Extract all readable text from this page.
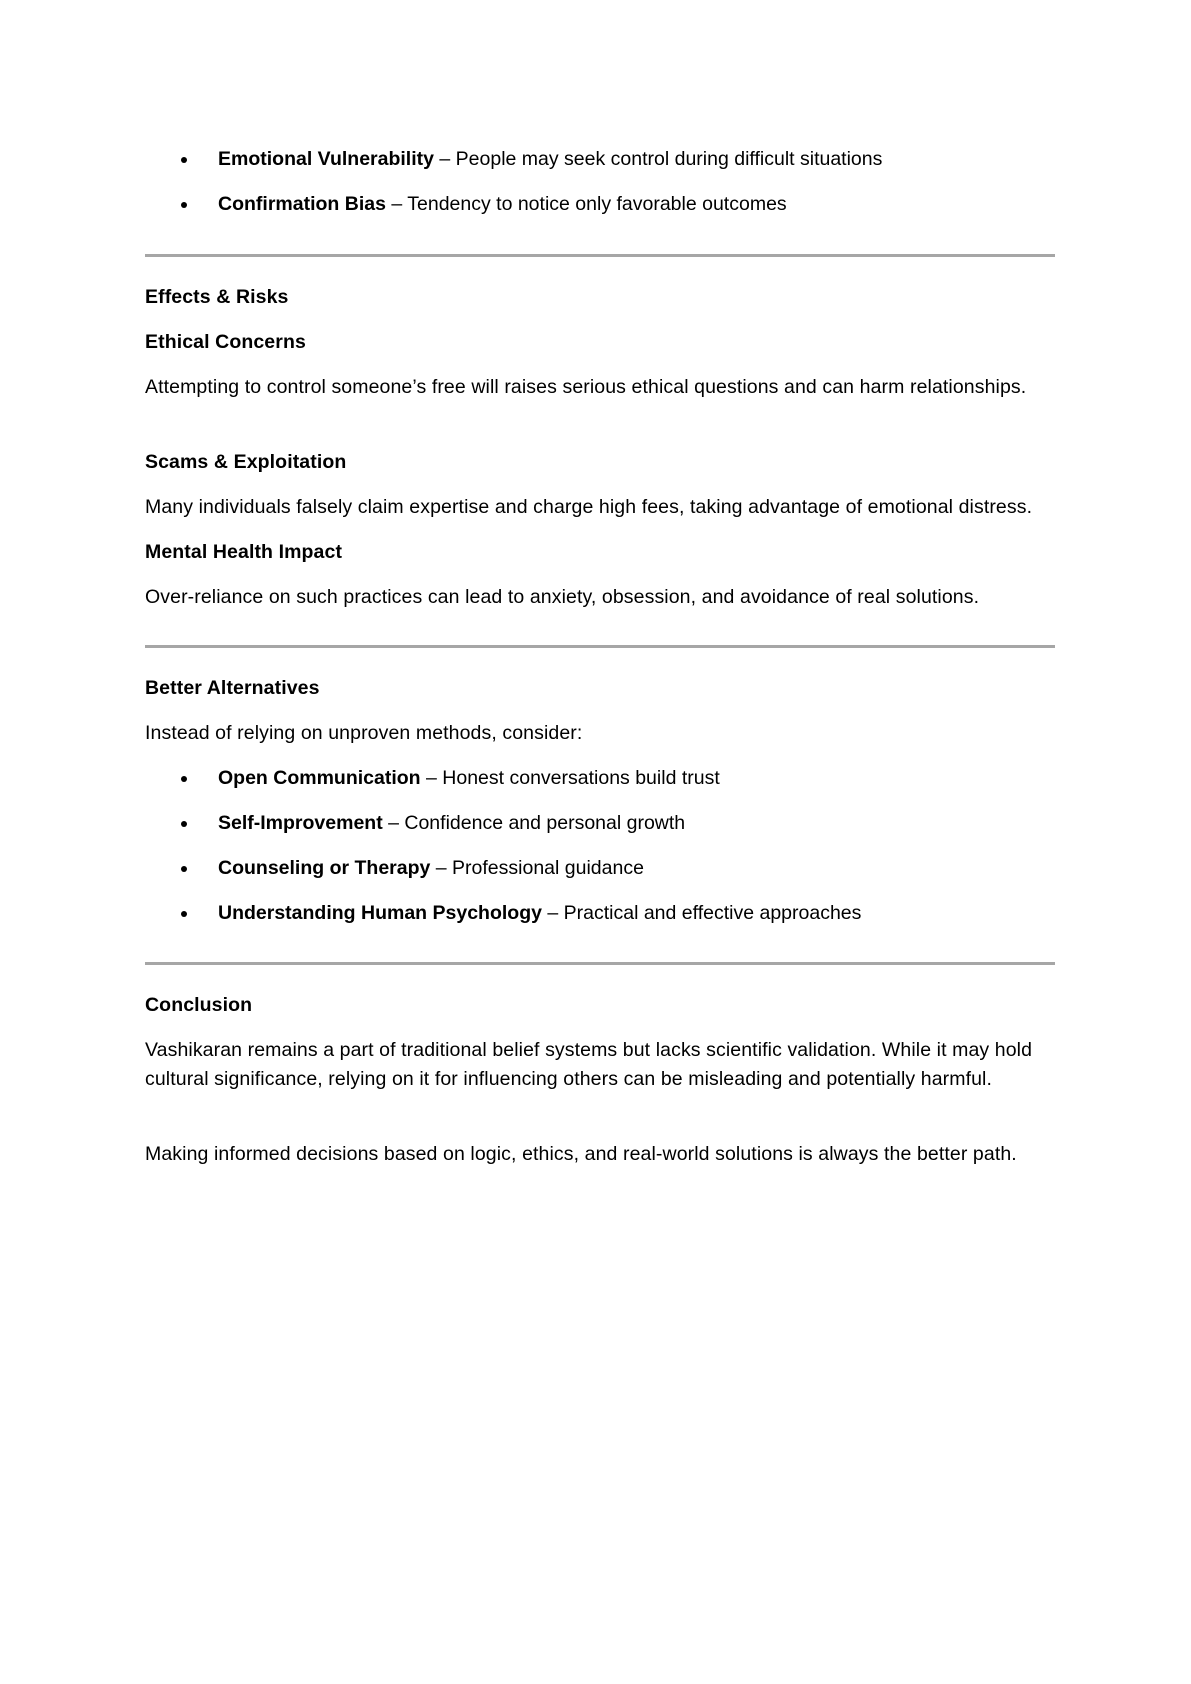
Emotional Vulnerability – People may seek control during difficult situations
Confirmation Bias – Tendency to notice only favorable outcomes
Effects & Risks
Ethical Concerns
Attempting to control someone’s free will raises serious ethical questions and can harm relationships.
Scams & Exploitation
Many individuals falsely claim expertise and charge high fees, taking advantage of emotional distress.
Mental Health Impact
Over-reliance on such practices can lead to anxiety, obsession, and avoidance of real solutions.
Better Alternatives
Instead of relying on unproven methods, consider:
Open Communication – Honest conversations build trust
Self-Improvement – Confidence and personal growth
Counseling or Therapy – Professional guidance
Understanding Human Psychology – Practical and effective approaches
Conclusion
Vashikaran remains a part of traditional belief systems but lacks scientific validation. While it may hold cultural significance, relying on it for influencing others can be misleading and potentially harmful.
Making informed decisions based on logic, ethics, and real-world solutions is always the better path.
